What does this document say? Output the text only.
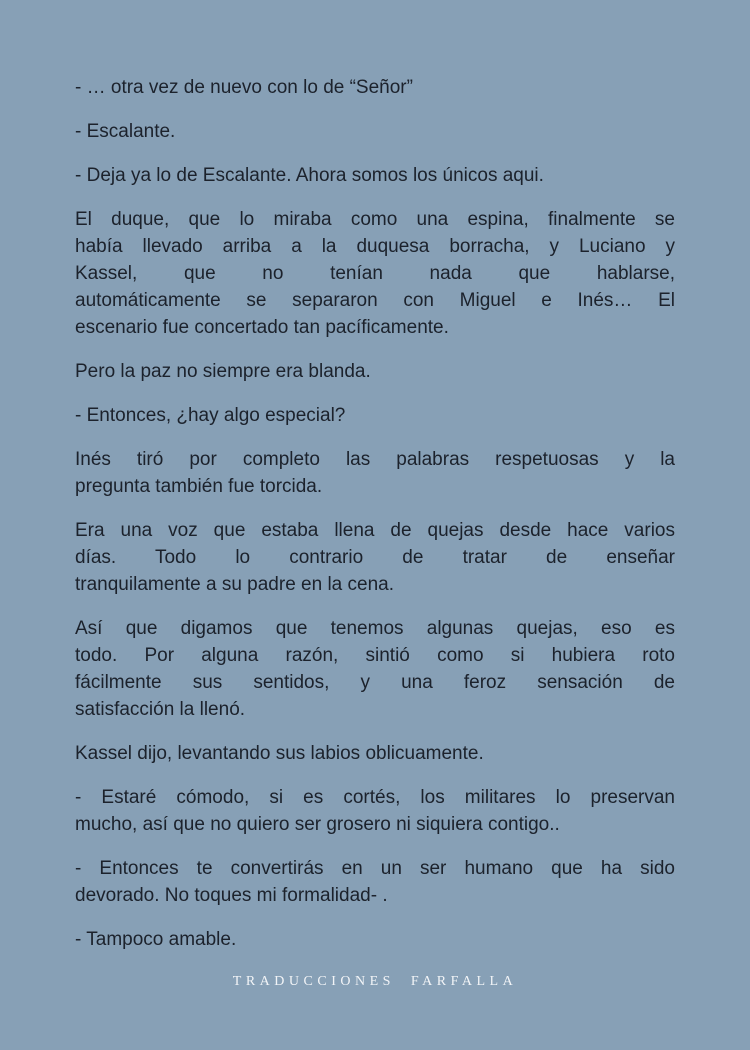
- … otra vez de nuevo con lo de “Señor”
- Escalante.
- Deja ya lo de Escalante. Ahora somos los únicos aqui.
El duque, que lo miraba como una espina, finalmente se
había llevado arriba a la duquesa borracha, y Luciano y
Kassel, que no tenían nada que hablarse,
automáticamente se separaron con Miguel e Inés… El
escenario fue concertado tan pacíficamente.
Pero la paz no siempre era blanda.
- Entonces, ¿hay algo especial?
Inés tiró por completo las palabras respetuosas y la
pregunta también fue torcida.
Era una voz que estaba llena de quejas desde hace varios
días. Todo lo contrario de tratar de enseñar
tranquilamente a su padre en la cena.
Así que digamos que tenemos algunas quejas, eso es
todo. Por alguna razón, sintió como si hubiera roto
fácilmente sus sentidos, y una feroz sensación de
satisfacción la llenó.
Kassel dijo, levantando sus labios oblicuamente.
- Estaré cómodo, si es cortés, los militares lo preservan
mucho, así que no quiero ser grosero ni siquiera contigo..
- Entonces te convertirás en un ser humano que ha sido
devorado. No toques mi formalidad- .
- Tampoco amable.
TRADUCCIONES  FARFALLA
